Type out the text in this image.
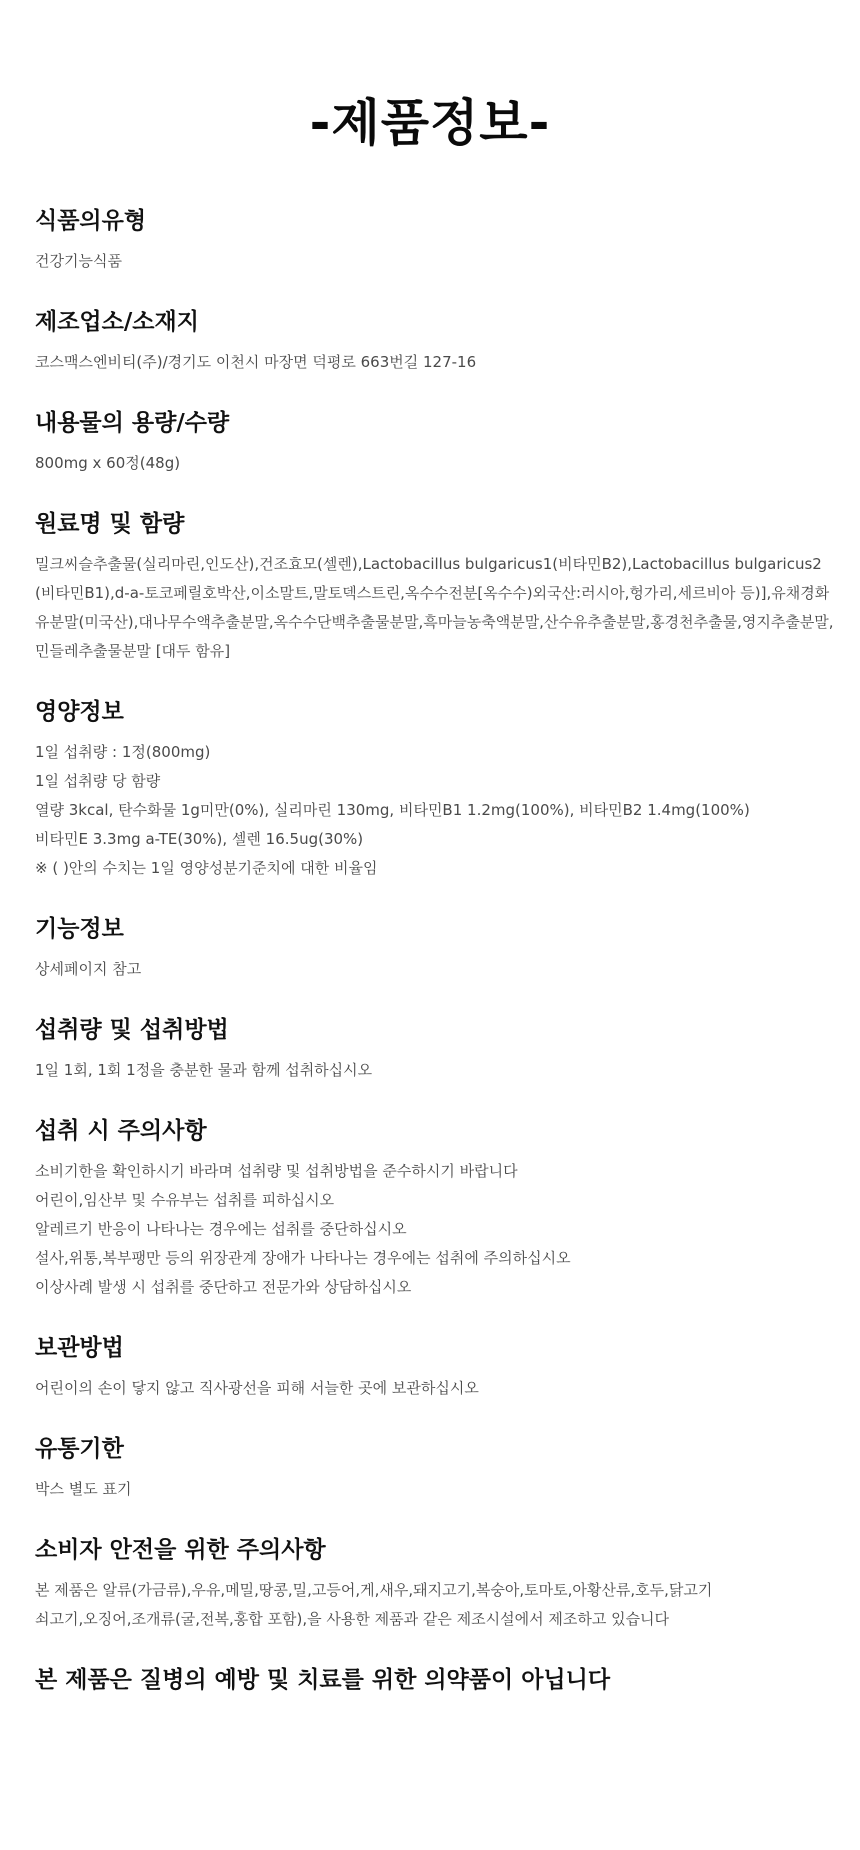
-제품정보-
식품의유형
건강기능식품
제조업소/소재지
코스맥스엔비티(주)/경기도 이천시 마장면 덕평로 663번길 127-16
내용물의 용량/수량
800mg x 60정(48g)
원료명 및 함량
밀크씨슬추출물(실리마린,인도산),건조효모(셀렌),Lactobacillus bulgaricus1(비타민B2),Lactobacillus bulgaricus2(비타민B1),d-a-토코페릴호박산,이소말트,말토덱스트린,옥수수전분[옥수수)외국산:러시아,헝가리,세르비아 등)],유채경화유분말(미국산),대나무수액추출분말,옥수수단백추출물분말,흑마늘농축액분말,산수유추출분말,홍경천추출물,영지추출분말,민들레추출물분말 [대두 함유]
영양정보
1일 섭취량 : 1정(800mg)
1일 섭취량 당 함량
열량 3kcal, 탄수화물 1g미만(0%), 실리마린 130mg, 비타민B1 1.2mg(100%), 비타민B2 1.4mg(100%)
비타민E 3.3mg a-TE(30%), 셀렌 16.5ug(30%)
※ ( )안의 수치는 1일 영양성분기준치에 대한 비율임
기능정보
상세페이지 참고
섭취량 및 섭취방법
1일 1회, 1회 1정을 충분한 물과 함께 섭취하십시오
섭취 시 주의사항
소비기한을 확인하시기 바라며 섭취량 및 섭취방법을 준수하시기 바랍니다
어린이,임산부 및 수유부는 섭취를 피하십시오
알레르기 반응이 나타나는 경우에는 섭취를 중단하십시오
설사,위통,복부팽만 등의 위장관계 장애가 나타나는 경우에는 섭취에 주의하십시오
이상사례 발생 시 섭취를 중단하고 전문가와 상담하십시오
보관방법
어린이의 손이 닿지 않고 직사광선을 피해 서늘한 곳에 보관하십시오
유통기한
박스 별도 표기
소비자 안전을 위한 주의사항
본 제품은 알류(가금류),우유,메밀,땅콩,밀,고등어,게,새우,돼지고기,복숭아,토마토,아황산류,호두,닭고기
쇠고기,오징어,조개류(굴,전복,홍합 포함),을 사용한 제품과 같은 제조시설에서 제조하고 있습니다
본 제품은 질병의 예방 및 치료를 위한 의약품이 아닙니다
